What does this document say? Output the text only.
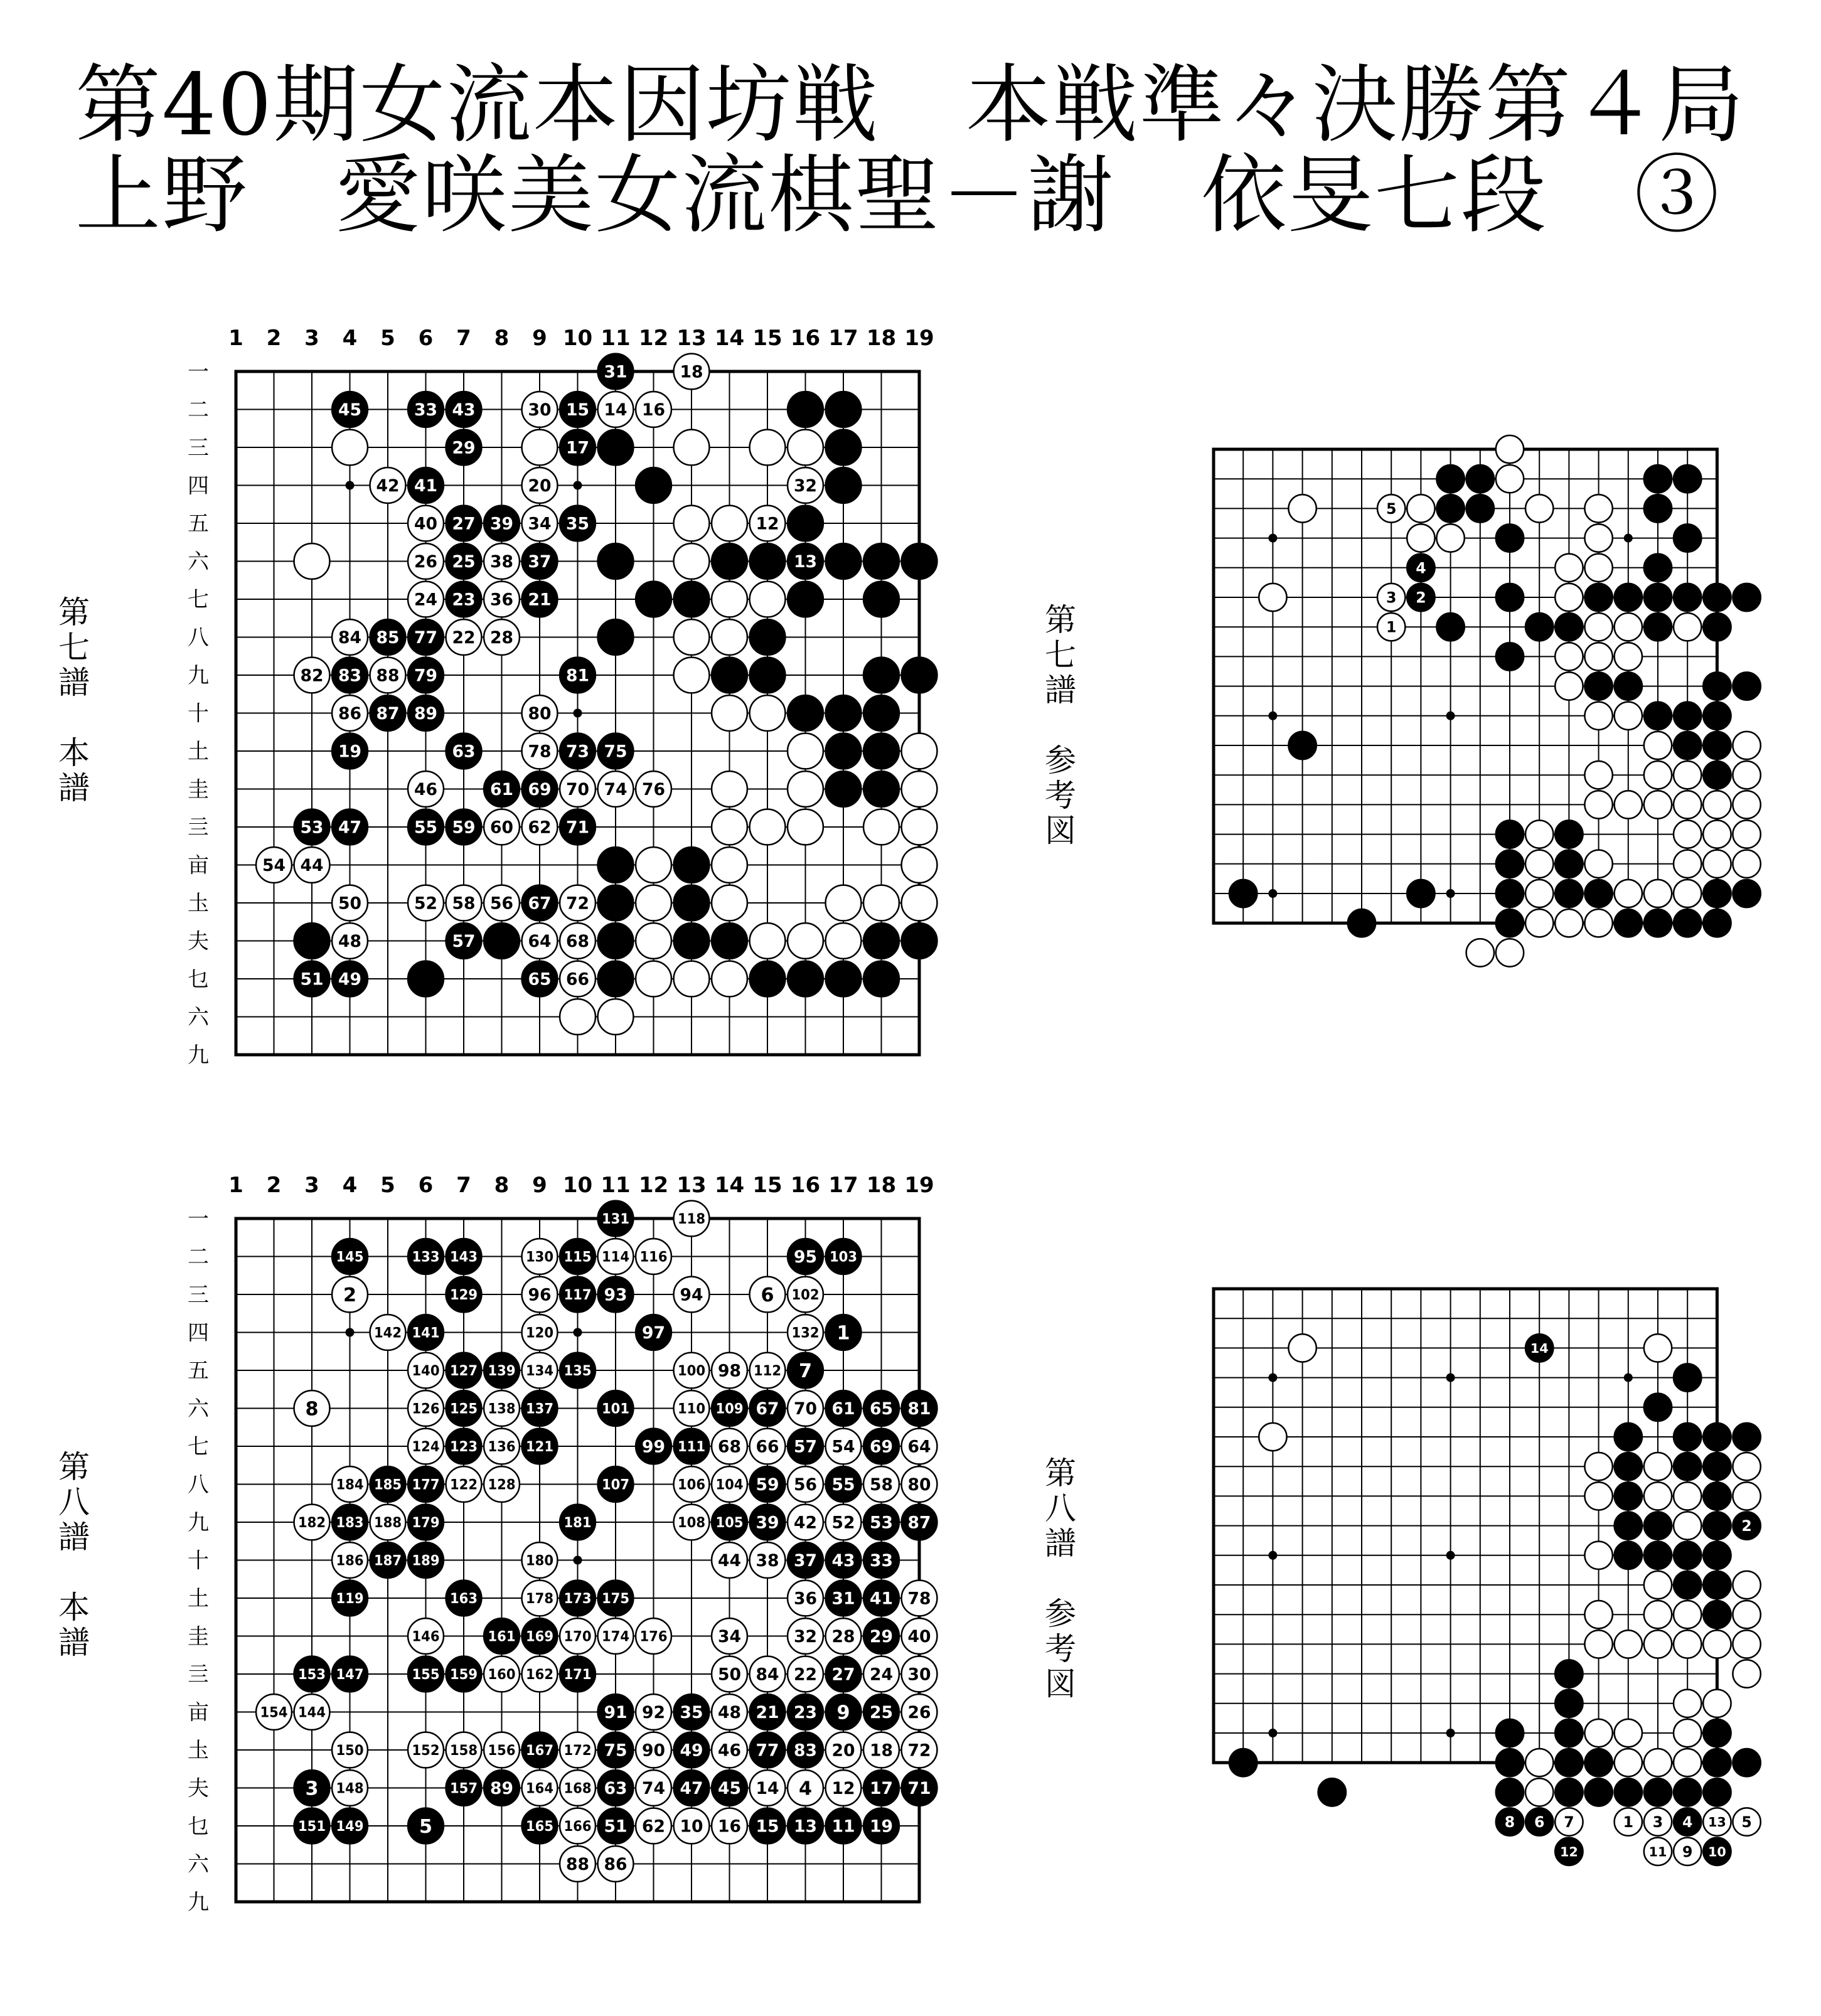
第40期女流本因坊戦　本戦準々決勝第４局
上野　愛咲美女流棋聖－謝　依旻七段　③
第
七
譜
本
譜
第
七
譜
参
考
図
第
八
譜
本
譜
第
八
譜
参
考
図
1 2 3 4 5 6 7 8 9 10 11 12 13 14 15 16 17 18 19
一
二
三
四
五
六
七
八
九
十
土
圭
亖
亩
圡
夫
乜
六
九
31	18
45	33 43	30 15 14 16
29	17
42 41	20	32
40 27 39 34 35	12
26 25 38 37	13
24 23 36 21
84 85 77 22 28
82 83 88 79	81
86 87 89	80
19	63	78 73 75
46	61 69 70 74 76
53 47	55 59 60 62 71
54 44
50	52 58 56 67 72
48	57	64 68
51 49	65 66
5
4
3 2
1
1 2 3 4 5 6 7 8 9 10 11 12 13 14 15 16 17 18 19
一
二
三
四
五
六
七
八
九
十
土
圭
亖
亩
圡
夫
乜
六
九
131	118
145	133 143	130 115 114 116	95 103
2	129	96 117 93	94	6 102
142 141	120	97	132 1
140 127 139 134 135	100 98 112 7
8	126 125 138 137	101	110 109 67 70 61 65 81
124 123 136 121	99 111 68 66 57 54 69 64
184 185 177 122 128	107	106 104 59 56 55 58 80
182 183 188 179	181	108 105 39 42 52 53 87
186 187 189	180	44 38 37 43 33
119	163	178 173 175	36 31 41 78
146	161 169 170 174 176	34	32 28 29 40
153 147	155 159 160 162 171	50 84 22 27 24 30
154 144	91 92 35 48 21 23 9 25 26
150	152 158 156 167 172 75 90 49 46 77 83 20 18 72
3 148	157 89 164 168 63 74 47 45 14 4 12 17 71
151 149	5	165 166 51 62 10 16 15 13 11 19
88 86
14
2
8 6 7	1 3 4 13 5
12	11 9 10
